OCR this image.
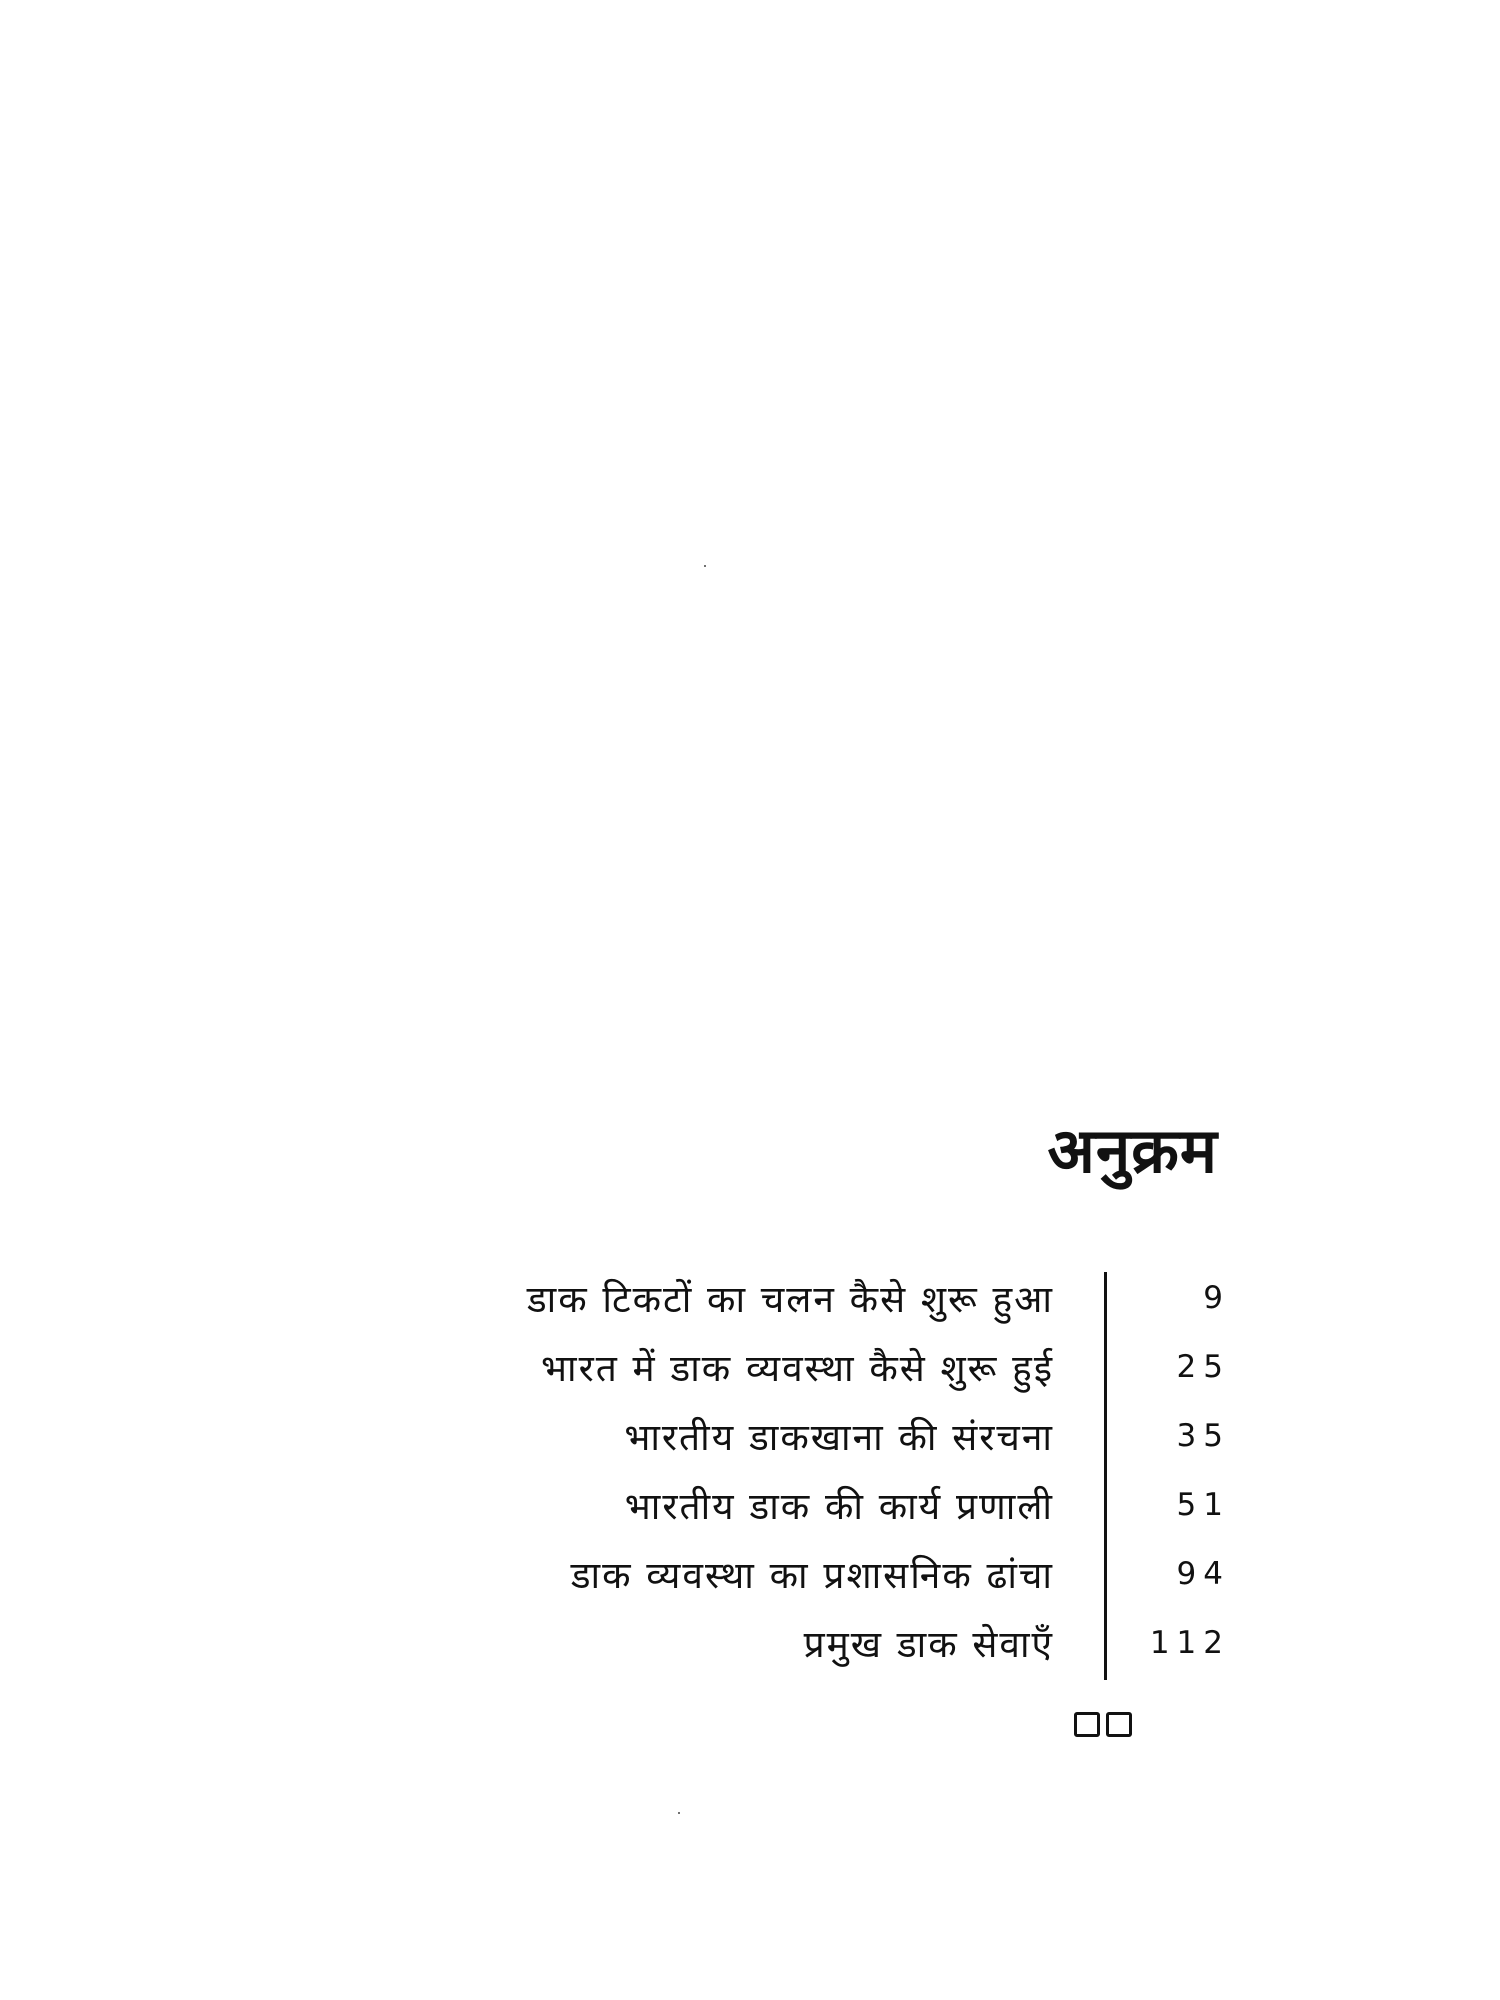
अनुक्रम
डाक टिकटों का चलन कैसे शुरू हुआ	9
भारत में डाक व्यवस्था कैसे शुरू हुई	25
भारतीय डाकखाना की संरचना	35
भारतीय डाक की कार्य प्रणाली	51
डाक व्यवस्था का प्रशासनिक ढांचा	94
प्रमुख डाक सेवाएँ	112
